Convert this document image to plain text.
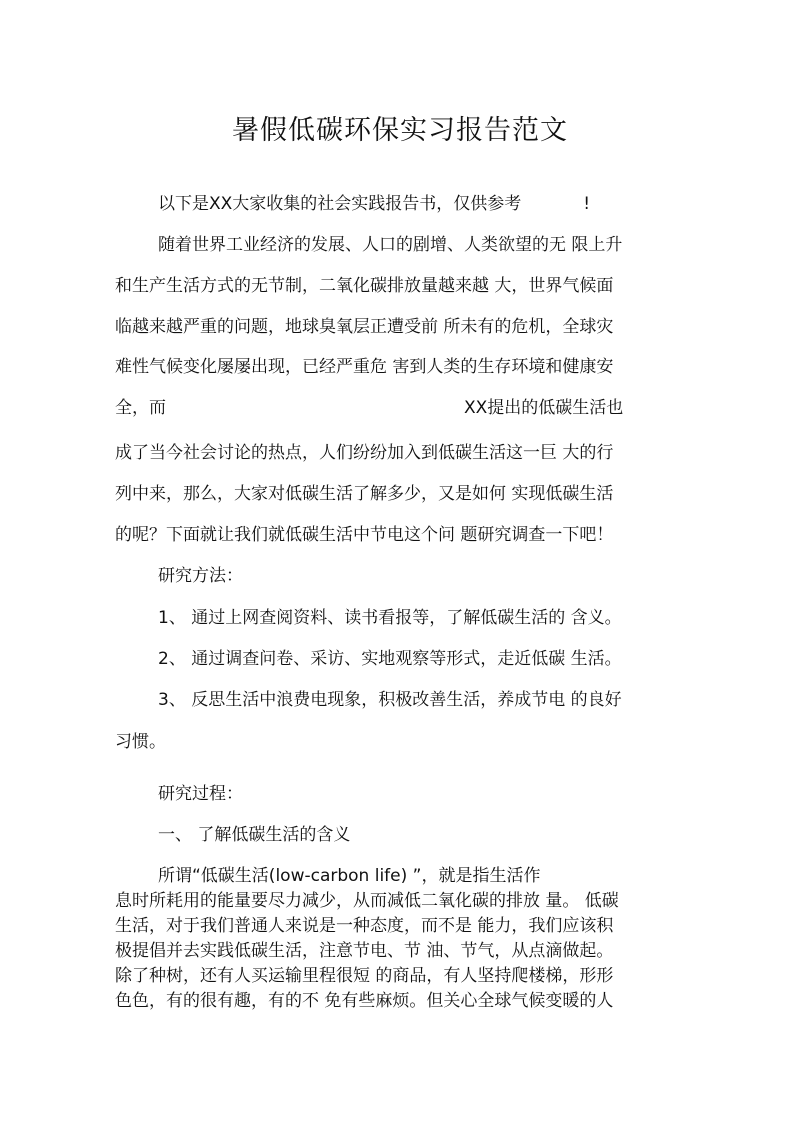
暑假低碳环保实习报告范文
以下是XX大家收集的社会实践报告书，仅供参考	!
随着世界工业经济的发展、人口的剧增、人类欲望的无 限上升
和生产生活方式的无节制，二氧化碳排放量越来越 大，世界气候面
临越来越严重的问题，地球臭氧层正遭受前 所未有的危机，全球灾
难性气候变化屡屡出现，已经严重危 害到人类的生存环境和健康安
全，而	XX提出的低碳生活也
成了当今社会讨论的热点，人们纷纷加入到低碳生活这一巨 大的行
列中来，那么，大家对低碳生活了解多少，又是如何 实现低碳生活
的呢？下面就让我们就低碳生活中节电这个问 题研究调查一下吧！
研究方法：
1、 通过上网查阅资料、读书看报等，了解低碳生活的 含义。
2、 通过调查问卷、采访、实地观察等形式，走近低碳 生活。
3、 反思生活中浪费电现象，积极改善生活，养成节电 的良好
习惯。
研究过程：
一、 了解低碳生活的含义
所谓“低碳生活(low-carbon life) ”，就是指生活作
息时所耗用的能量要尽力减少，从而减低二氧化碳的排放 量。 低碳
生活，对于我们普通人来说是一种态度，而不是 能力，我们应该积
极提倡并去实践低碳生活，注意节电、节 油、节气，从点滴做起。
除了种树，还有人买运输里程很短 的商品，有人坚持爬楼梯，形形
色色，有的很有趣，有的不 免有些麻烦。但关心全球气候变暖的人
